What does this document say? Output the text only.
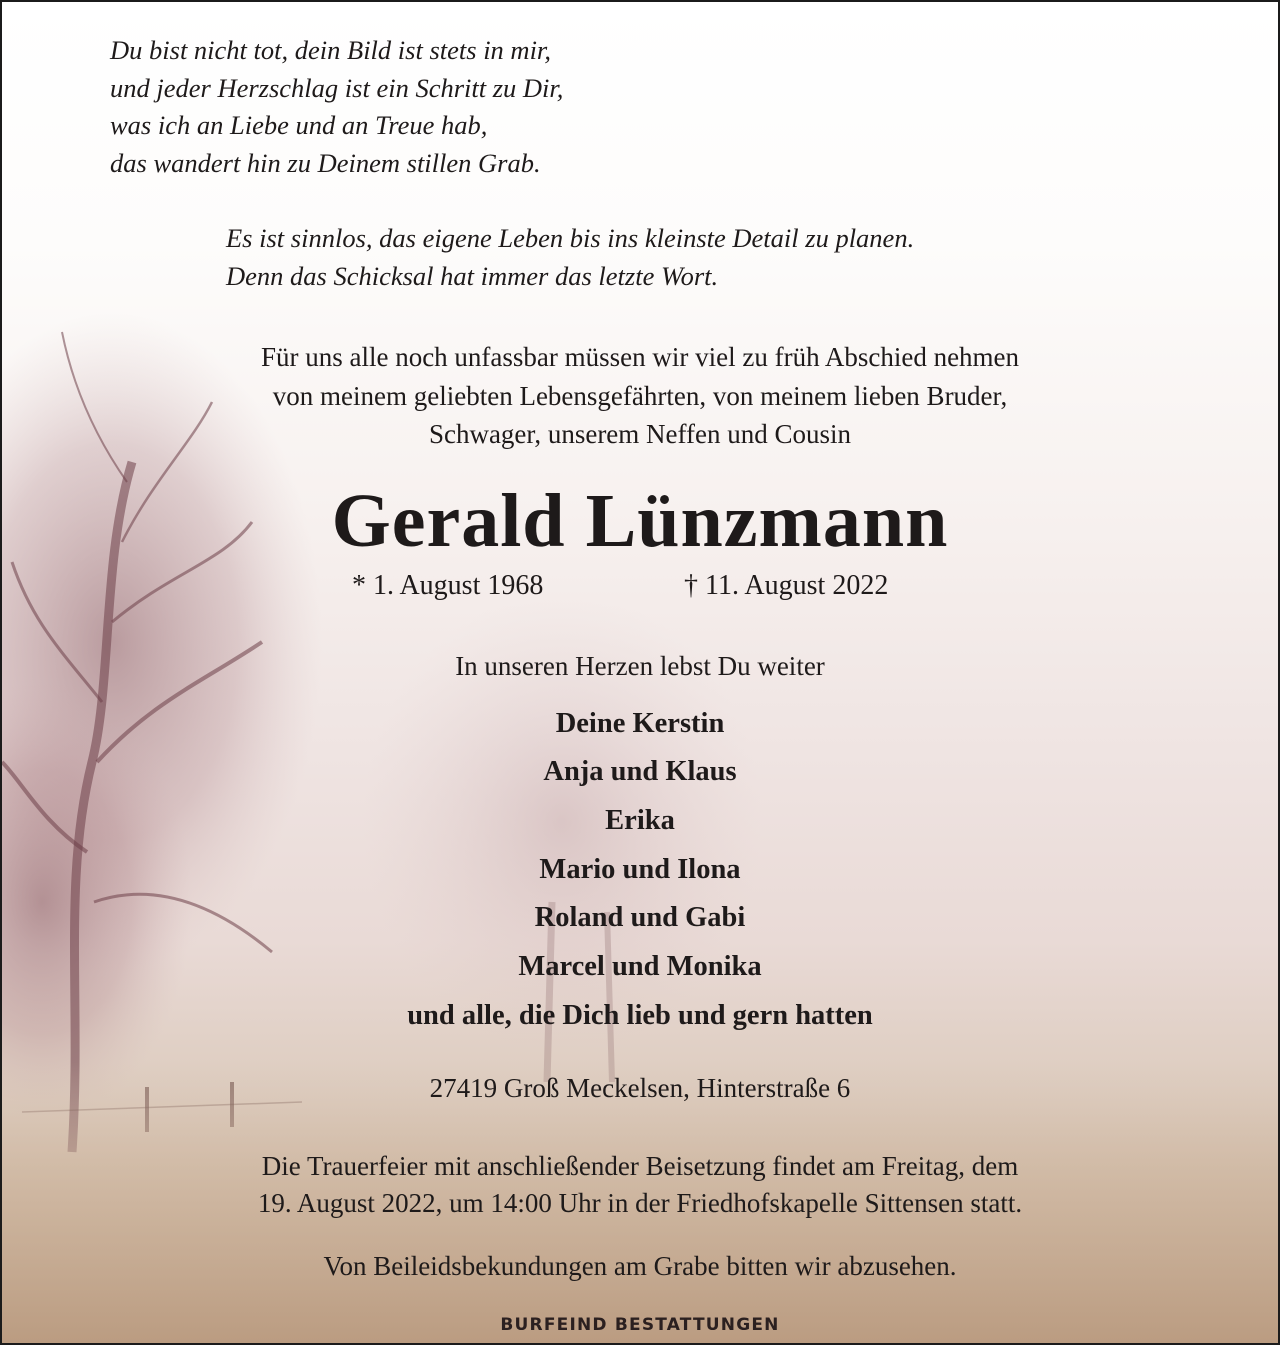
Du bist nicht tot, dein Bild ist stets in mir,
und jeder Herzschlag ist ein Schritt zu Dir,
was ich an Liebe und an Treue hab,
das wandert hin zu Deinem stillen Grab.
Es ist sinnlos, das eigene Leben bis ins kleinste Detail zu planen.
Denn das Schicksal hat immer das letzte Wort.
Für uns alle noch unfassbar müssen wir viel zu früh Abschied nehmen
von meinem geliebten Lebensgefährten, von meinem lieben Bruder,
Schwager, unserem Neffen und Cousin
Gerald Lünzmann
* 1. August 1968	† 11. August 2022
In unseren Herzen lebst Du weiter
Deine Kerstin
Anja und Klaus
Erika
Mario und Ilona
Roland und Gabi
Marcel und Monika
und alle, die Dich lieb und gern hatten
27419 Groß Meckelsen, Hinterstraße 6
Die Trauerfeier mit anschließender Beisetzung findet am Freitag, dem
19. August 2022, um 14:00 Uhr in der Friedhofskapelle Sittensen statt.
Von Beileidsbekundungen am Grabe bitten wir abzusehen.
BURFEIND BESTATTUNGEN
